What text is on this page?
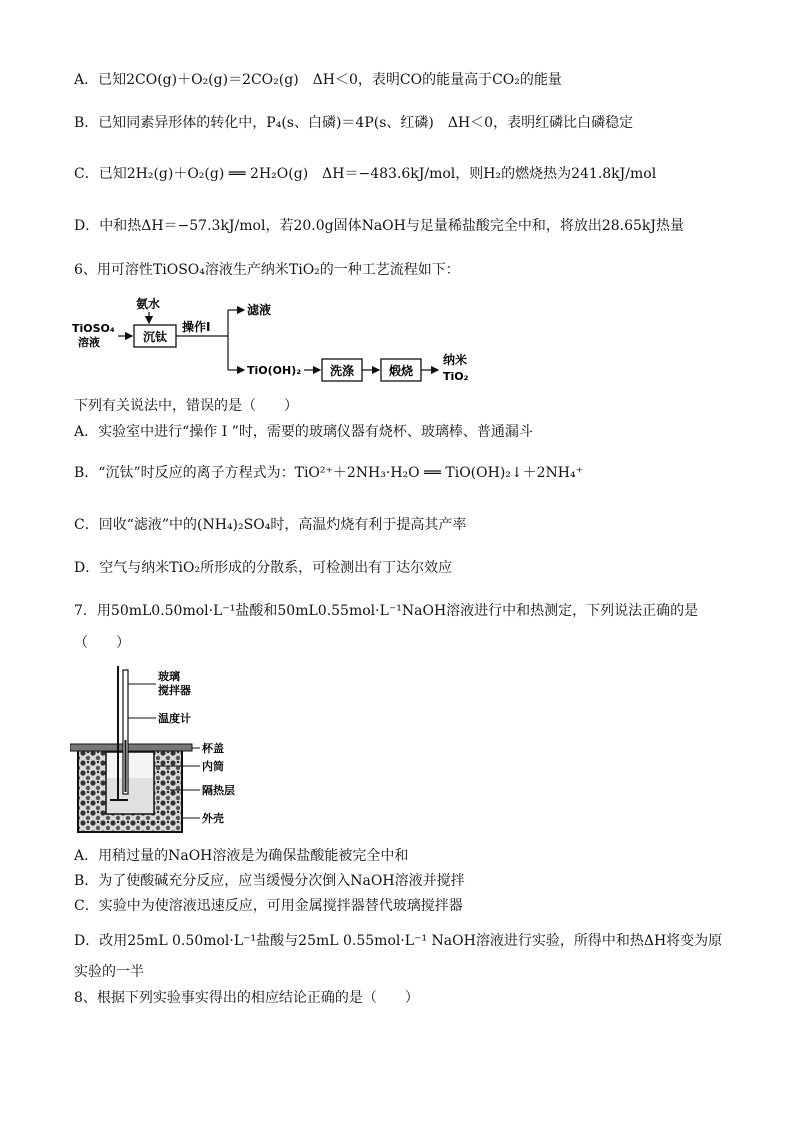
A．已知2CO(g)＋O₂(g)＝2CO₂(g)　ΔH＜0，表明CO的能量高于CO₂的能量
B．已知同素异形体的转化中，P₄(s、白磷)＝4P(s、红磷)　ΔH＜0，表明红磷比白磷稳定
C．已知2H₂(g)＋O₂(g) ══ 2H₂O(g)　ΔH＝−483.6kJ/mol，则H₂的燃烧热为241.8kJ/mol
D．中和热ΔH＝−57.3kJ/mol，若20.0g固体NaOH与足量稀盐酸完全中和，将放出28.65kJ热量
6、用可溶性TiOSO₄溶液生产纳米TiO₂的一种工艺流程如下：
TiOSO₄
溶液
氨水
沉钛
操作I
滤液
TiO(OH)₂ 洗涤	煅烧
纳米
TiO₂
下列有关说法中，错误的是（　　）
A．实验室中进行“操作 I ”时，需要的玻璃仪器有烧杯、玻璃棒、普通漏斗
B．“沉钛”时反应的离子方程式为：TiO²⁺＋2NH₃·H₂O ══ TiO(OH)₂↓＋2NH₄⁺
C．回收“滤液”中的(NH₄)₂SO₄时，高温灼烧有利于提高其产率
D．空气与纳米TiO₂所形成的分散系，可检测出有丁达尔效应
7．用50mL0.50mol·L⁻¹盐酸和50mL0.55mol·L⁻¹NaOH溶液进行中和热测定，下列说法正确的是
（　　）
玻璃
搅拌器
温度计
杯盖
内筒
隔热层
外壳
A．用稍过量的NaOH溶液是为确保盐酸能被完全中和
B．为了使酸碱充分反应，应当缓慢分次倒入NaOH溶液并搅拌
C．实验中为使溶液迅速反应，可用金属搅拌器替代玻璃搅拌器
D．改用25mL 0.50mol·L⁻¹盐酸与25mL 0.55mol·L⁻¹ NaOH溶液进行实验，所得中和热ΔH将变为原
实验的一半
8、根据下列实验事实得出的相应结论正确的是（　　）
